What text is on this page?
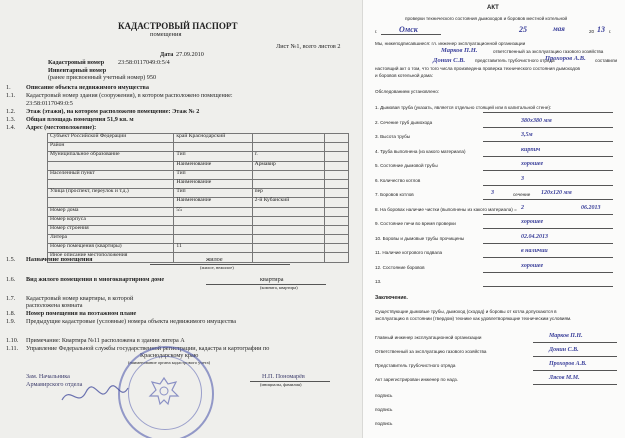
КАДАСТРОВЫЙ ПАСПОРТ
помещения
Лист №1, всего листов 2
Дата 27.09.2010
Кадастровый номер 23:58:0117049:0:5/4
Инвентарный номер
(ранее присвоенный учетный номер) 950
1. Описание объекта недвижимого имущества
1.1. Кадастровый номер здания (сооружения), в котором расположено помещение:
23:58:0117049:0:5
1.2. Этаж (этажи), на котором расположено помещение: Этаж № 2
1.3. Общая площадь помещения 51,9 кв. м
1.4. Адрес (местоположение):
Субъект Российской Федерации	край Краснодарский		
Район			
Муниципальное образование	Тип	г.	
	Наименование	Армавир	
Населенный пункт	Тип		
	Наименование		
Улица (проспект, переулок и т.д.)	Тип	пер	
	Наименование	2-й Кубанский	
Номер дома	55		
Номер корпуса			
Номер строения			
Литера			
Номер помещения (квартиры)	11		
Иное описание местоположения			
1.5. Назначение помещения	жилое
(жилое, нежилое)
1.6. Вид жилого помещения в многоквартирном доме	квартира
(комната, квартира)
1.7. Кадастровый номер квартиры, в которой
расположена комната
1.8. Номер помещения на поэтажном плане
1.9. Предыдущие кадастровые (условные) номера объекта недвижимого имущества
1.10. Примечание: Квартира №11 расположена в здании литера А
1.11. Управление Федеральной службы государственной регистрации, кадастра и картографии по
Краснодарскому краю
(наименование органа кадастрового учета)
Зам. Начальника
Армавирского отдела
Н.П. Пономарёв
(инициалы, фамилия)
АКТ
проверки технического состояния дымоходов и боровов местной котельной
г.	Омск	25	мая	20 13 г.
Мы, нижеподписавшиеся: гл. инженер эксплуатационной организации
Марков П.Н.	ответственный за эксплуатацию газового хозяйства
Донин С.В. представитель трубочистного отряда
Прохоров А.В. составили
настоящий акт о том, что того числа произведена проверка технического состояния дымоходов
и боровов котельной дома:
Обследованием установлено:
1. Дымовая труба (указать, является отдельно стоящей или в капитальной стене):
2. Сечение труб дымохода	380х380 мм
3. Высота трубы	3,5м
4. Труба выполнена (из какого материала)	кирпич
5. Состояние дымовой трубы	хорошее
6. Количество котлов	3
7. Боровов котлов	3	сечение 120х120 мм
8. На боровах наличие чистки (выполнены из какого материала) = 2	06.2013
9. Состояние печи во время проверки	хорошее
10. Боровы и дымовые трубы прочищены	02.04.2013
11. Наличие котрового подвала	в наличии
12. Состояние боровов	хорошее
13.
Заключение.
Существующие дымовые трубы, дымоход (сходод) и боровы от котла допускаются в
эксплуатацию в состоянии (твердом) технике как удовлетворяющие техническим условиям.
Главный инженер эксплуатационной организации	Марков П.Н.
Ответственный за эксплуатацию газового хозяйства	Донин С.В.
Представитель трубочистного отряда	Прохоров А.В.
Акт зарегистрирован инженер по надз.	Лясов М.М.
подпись
подпись
подпись
